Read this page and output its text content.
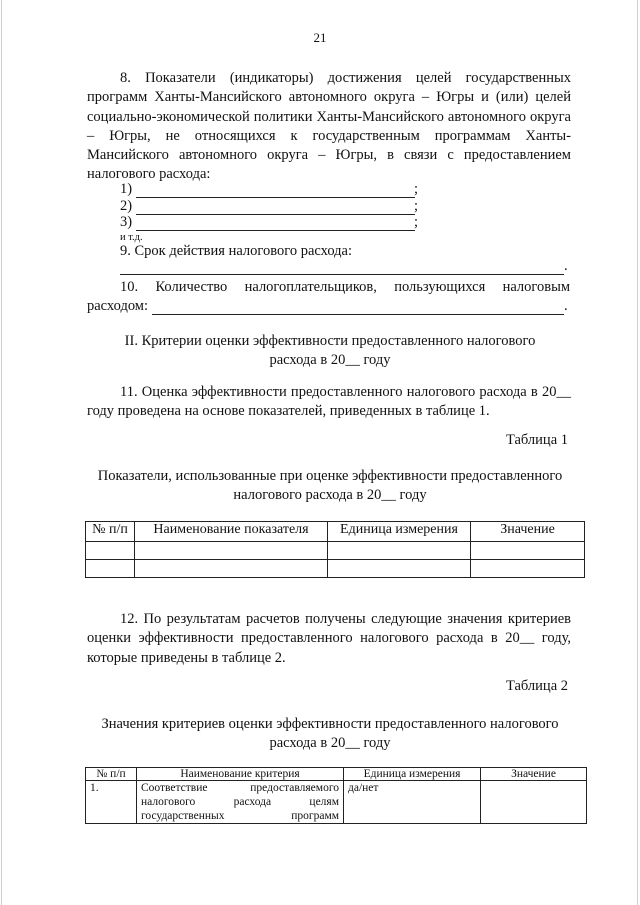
21
8. Показатели (индикаторы) достижения целей государственных программ Ханты-Мансийского автономного округа – Югры и (или) целей социально-экономической политики Ханты-Мансийского автономного округа – Югры, не относящихся к государственным программам Ханты-Мансийского автономного округа – Югры, в связи с предоставлением налогового расхода:
1)	;
2)	;
3)	;
и т.д.
9. Срок действия налогового расхода:
.
10. Количество налогоплательщиков, пользующихся налоговым
расходом:	.
II. Критерии оценки эффективности предоставленного налогового
расхода в 20__ году
11. Оценка эффективности предоставленного налогового расхода в 20__ году проведена на основе показателей, приведенных в таблице 1.
Таблица 1
Показатели, использованные при оценке эффективности предоставленного
налогового расхода в 20__ году
№ п/п	Наименование показателя	Единица измерения	Значение

12. По результатам расчетов получены следующие значения критериев оценки эффективности предоставленного налогового расхода в 20__ году, которые приведены в таблице 2.
Таблица 2
Значения критериев оценки эффективности предоставленного налогового
расхода в 20__ году
№ п/п	Наименование критерия	Единица измерения	Значение
1.	Соответствие предоставляемого
налогового расхода целям
государственных программ	да/нет	
